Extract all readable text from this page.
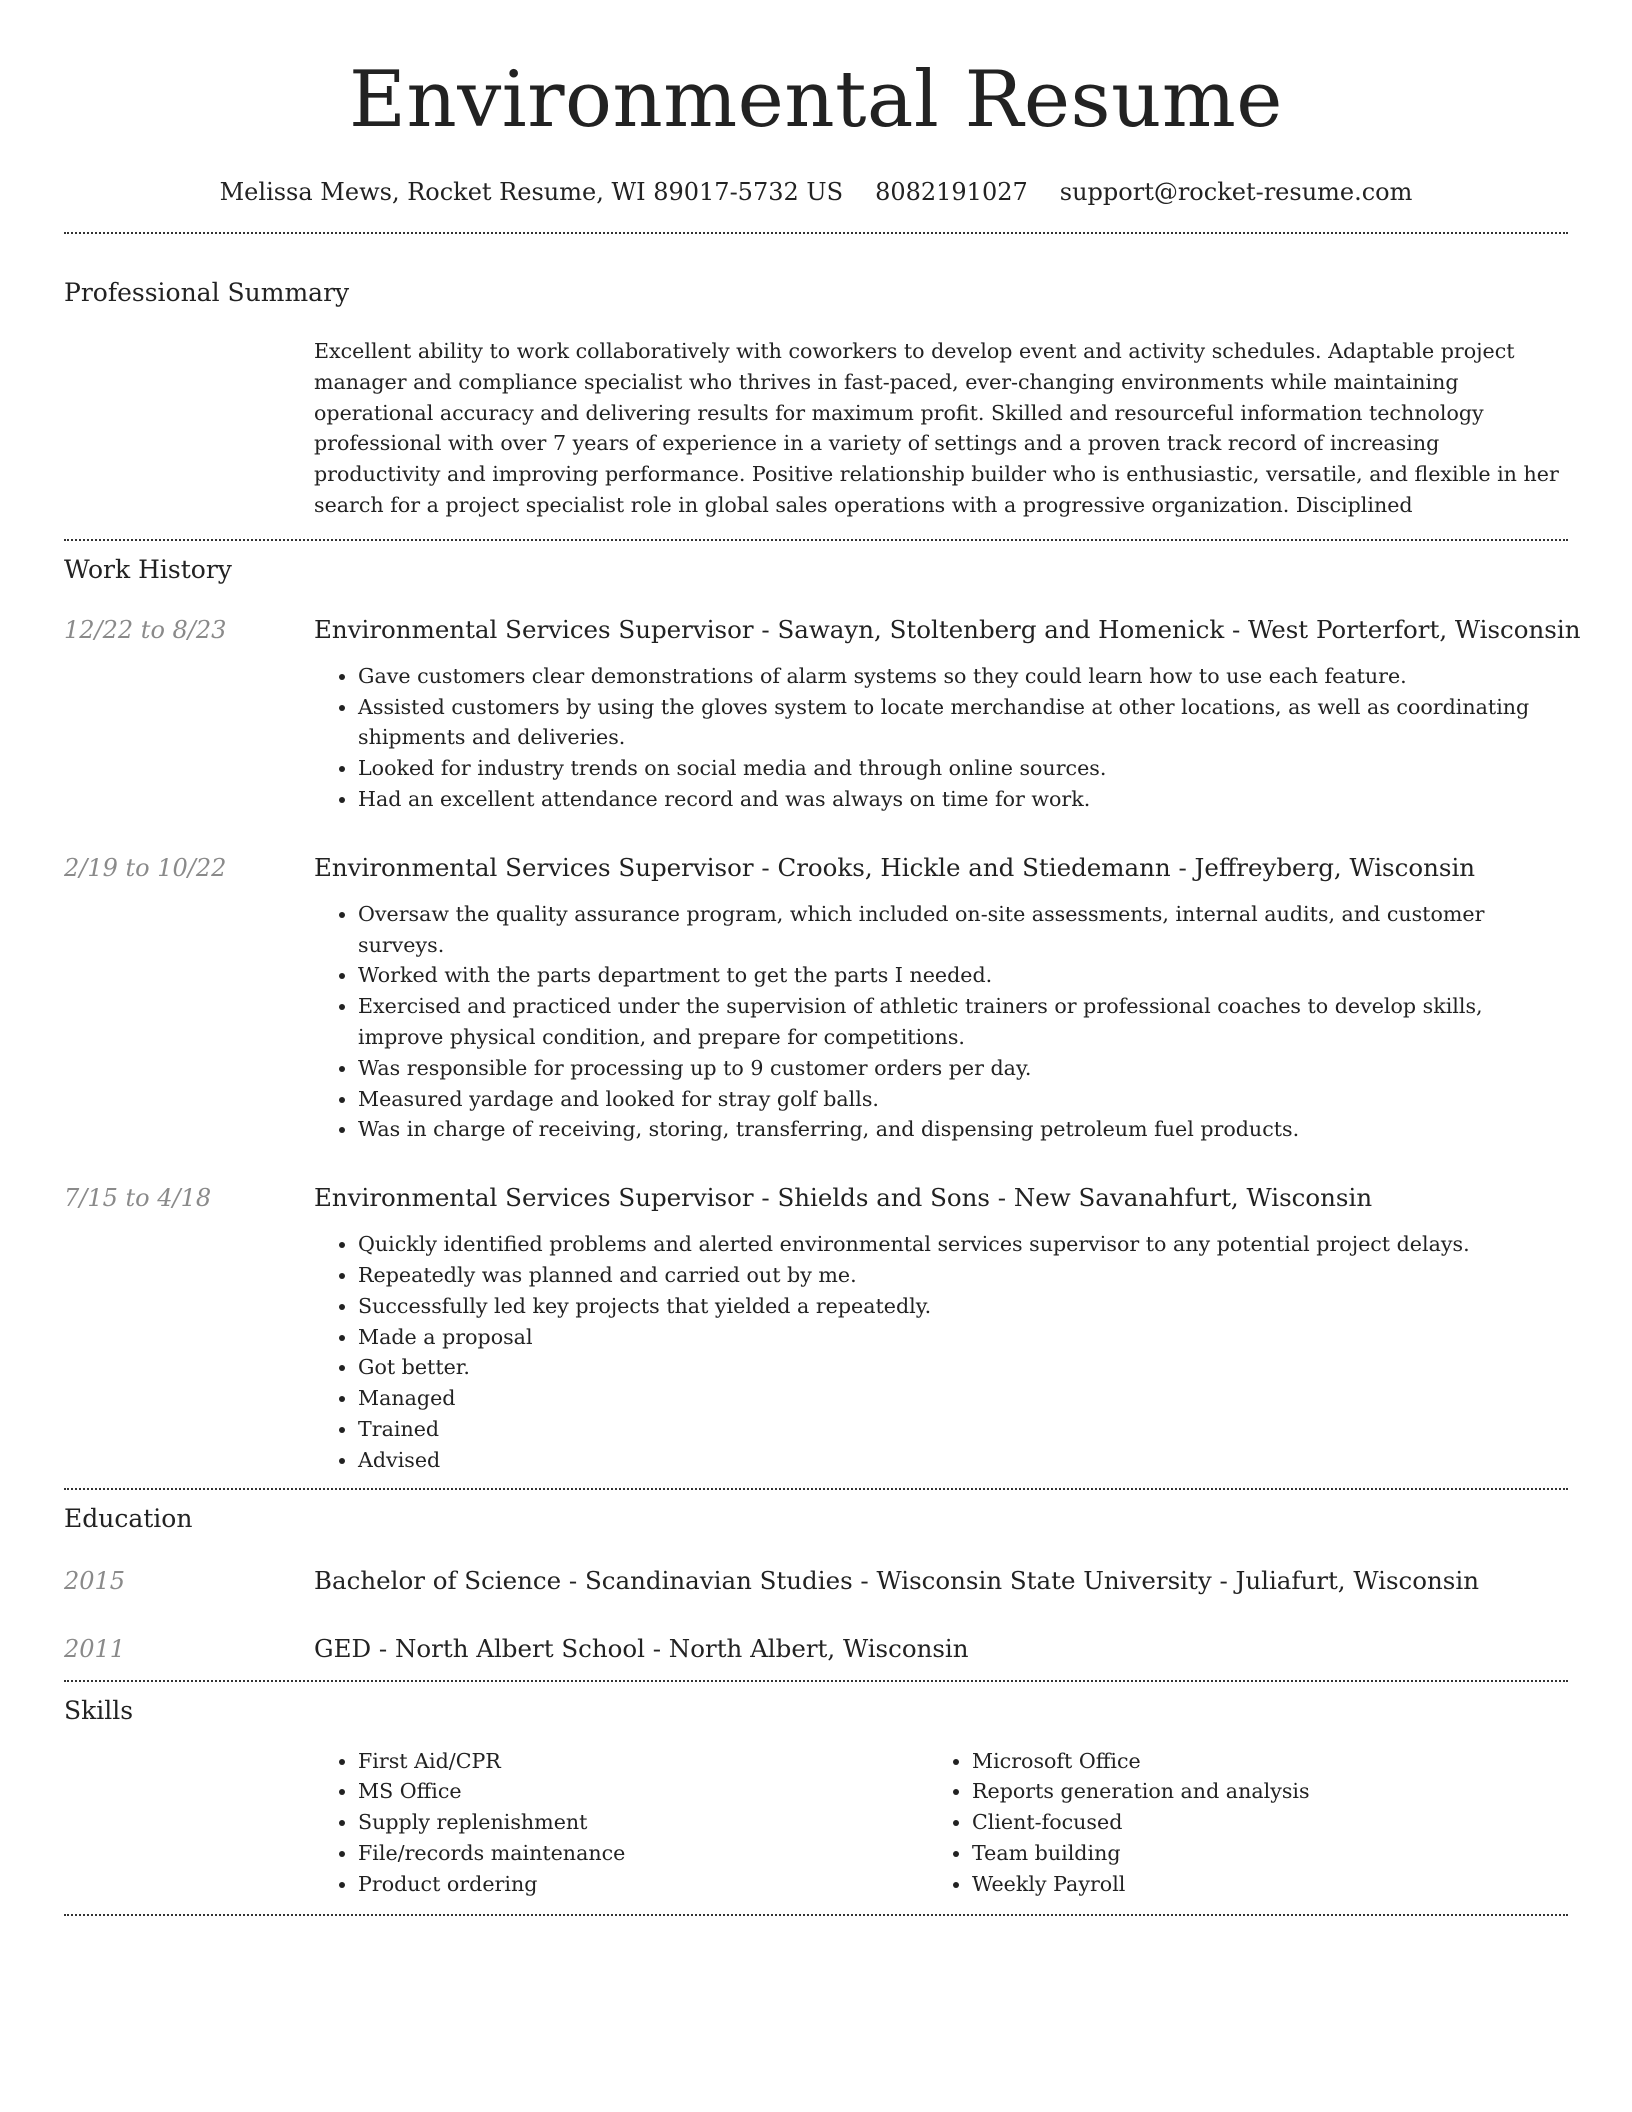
Environmental Resume
Melissa Mews, Rocket Resume, WI 89017-5732 US 8082191027 support@rocket-resume.com
Professional Summary
Excellent ability to work collaboratively with coworkers to develop event and activity schedules. Adaptable project manager and compliance specialist who thrives in fast-paced, ever-changing environments while maintaining operational accuracy and delivering results for maximum profit. Skilled and resourceful information technology professional with over 7 years of experience in a variety of settings and a proven track record of increasing productivity and improving performance. Positive relationship builder who is enthusiastic, versatile, and flexible in her search for a project specialist role in global sales operations with a progressive organization. Disciplined
Work History
12/22 to 8/23	Environmental Services Supervisor - Sawayn, Stoltenberg and Homenick - West Porterfort, Wisconsin
• Gave customers clear demonstrations of alarm systems so they could learn how to use each feature.
• Assisted customers by using the gloves system to locate merchandise at other locations, as well as coordinating shipments and deliveries.
• Looked for industry trends on social media and through online sources.
• Had an excellent attendance record and was always on time for work.
2/19 to 10/22	Environmental Services Supervisor - Crooks, Hickle and Stiedemann - Jeffreyberg, Wisconsin
• Oversaw the quality assurance program, which included on-site assessments, internal audits, and customer surveys.
• Worked with the parts department to get the parts I needed.
• Exercised and practiced under the supervision of athletic trainers or professional coaches to develop skills, improve physical condition, and prepare for competitions.
• Was responsible for processing up to 9 customer orders per day.
• Measured yardage and looked for stray golf balls.
• Was in charge of receiving, storing, transferring, and dispensing petroleum fuel products.
7/15 to 4/18	Environmental Services Supervisor - Shields and Sons - New Savanahfurt, Wisconsin
• Quickly identified problems and alerted environmental services supervisor to any potential project delays.
• Repeatedly was planned and carried out by me.
• Successfully led key projects that yielded a repeatedly.
• Made a proposal
• Got better.
• Managed
• Trained
• Advised
Education
2015	Bachelor of Science - Scandinavian Studies - Wisconsin State University - Juliafurt, Wisconsin
2011	GED - North Albert School - North Albert, Wisconsin
Skills
• First Aid/CPR
• MS Office
• Supply replenishment
• File/records maintenance
• Product ordering
• Microsoft Office
• Reports generation and analysis
• Client-focused
• Team building
• Weekly Payroll
